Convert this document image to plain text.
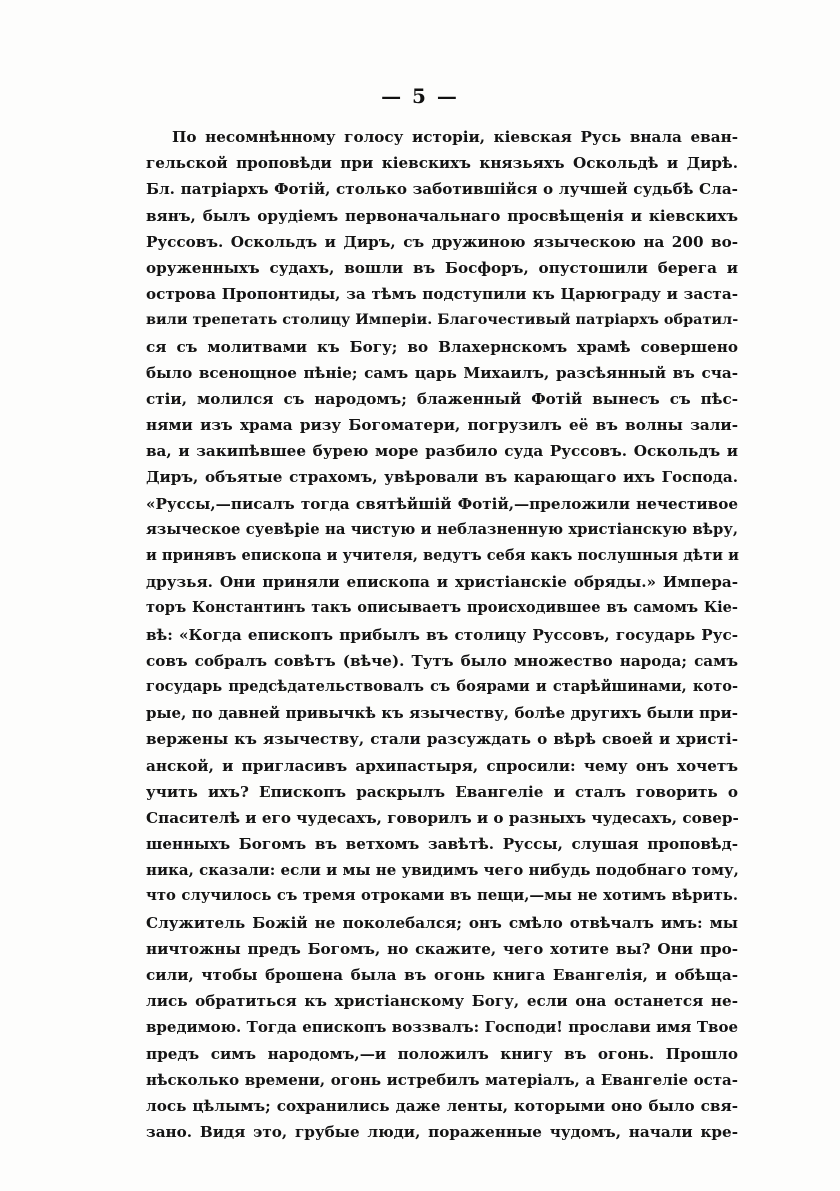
— 5 —
По несомнѣнному голосу исторіи, кіевская Русь внала еван-
гельской проповѣди при кіевскихъ князьяхъ Оскольдѣ и Дирѣ.
Бл. патріархъ Фотій, столько заботившійся о лучшей судьбѣ Сла-
вянъ, былъ орудіемъ первоначальнаго просвѣщенія и кіевскихъ
Руссовъ. Оскольдъ и Диръ, съ дружиною языческою на 200 во-
оруженныхъ судахъ, вошли въ Босфоръ, опустошили берега и
острова Пропонтиды, за тѣмъ подступили къ Царюграду и застa-
вили трепетать столицу Имперіи. Благочестивый патріархъ обратил-
ся съ молитвами къ Богу; во Влахернскомъ храмѣ совершено
было всенощное пѣніе; самъ царь Михаилъ, разсѣянный въ сча-
стіи, молился съ народомъ; блаженный Фотій вынесъ съ пѣс-
нями изъ храма ризу Богоматери, погрузилъ её въ волны зали-
ва, и закипѣвшее бурею море разбило суда Руссовъ. Оскольдъ и
Диръ, объятые страхомъ, увѣровали въ карающаго ихъ Господа.
«Руссы,—писалъ тогда святѣйшій Фотій,—преложили нечестивое
языческое суевѣріе на чистую и неблазненную христіанскую вѣру,
и принявъ епископа и учителя, ведутъ себя какъ послушныя дѣти и
друзья. Они приняли епископа и христіанскіе обряды.» Импера-
торъ Константинъ такъ описываетъ происходившее въ самомъ Кіе-
вѣ: «Когда епископъ прибылъ въ столицу Руссовъ, государь Рус-
совъ собралъ совѣтъ (вѣче). Тутъ было множество народа; самъ
государь предсѣдательствовалъ съ боярами и старѣйшинами, кото-
рые, по давней привычкѣ къ язычеству, болѣе другихъ были при-
вержены къ язычеству, стали разсуждать о вѣрѣ своей и христі-
анской, и пригласивъ архипастыря, спросили: чему онъ хочетъ
учить ихъ? Епископъ раскрылъ Евангеліе и сталъ говорить о
Спасителѣ и его чудесахъ, говорилъ и о разныхъ чудесахъ, совер-
шенныхъ Богомъ въ ветхомъ завѣтѣ. Руссы, слушая проповѣд-
ника, сказали: если и мы не увидимъ чего нибудь подобнаго тому,
что случилось съ тремя отроками въ пещи,—мы не хотимъ вѣрить.
Служитель Божій не поколебался; онъ смѣло отвѣчалъ имъ: мы
ничтожны предъ Богомъ, но скажите, чего хотите вы? Они про-
сили, чтобы брошена была въ огонь книга Евангелія, и обѣща-
лись обратиться къ христіанскому Богу, если она останется не-
вредимою. Тогда епископъ воззвалъ: Господи! прослави имя Твое
предъ симъ народомъ,—и положилъ книгу въ огонь. Прошло
нѣсколько времени, огонь истребилъ матеріалъ, а Евангеліе оста-
лось цѣлымъ; сохранились даже ленты, которыми оно было свя-
зано. Видя это, грубые люди, пораженные чудомъ, начали кре-
